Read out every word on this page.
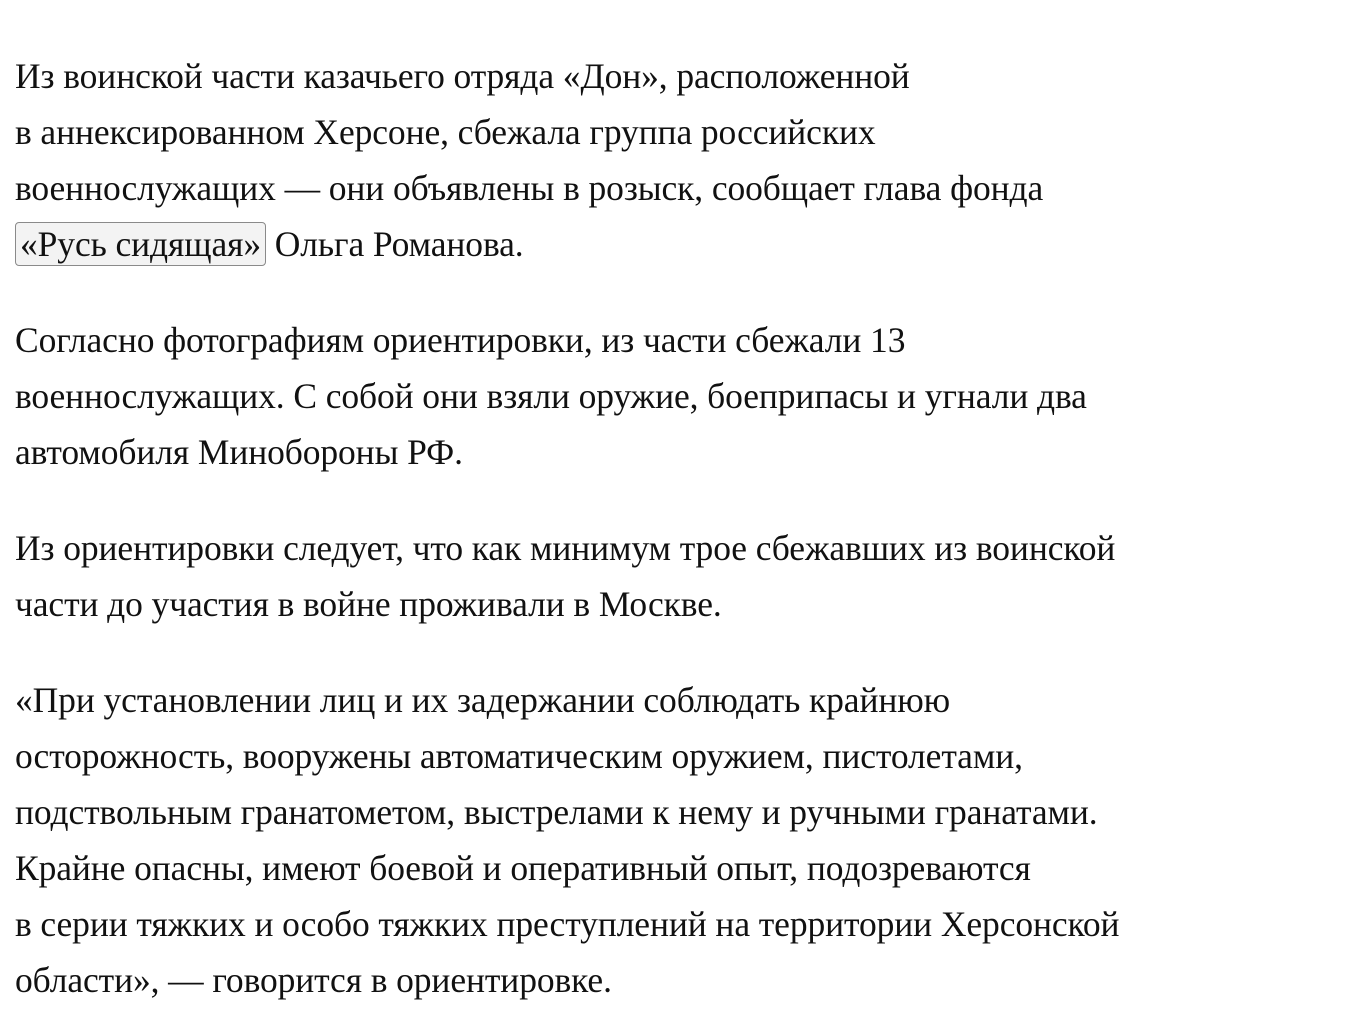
Из воинской части казачьего отряда «Дон», расположенной
в аннексированном Херсоне, сбежала группа российских
военнослужащих — они объявлены в розыск, сообщает глава фонда
«Русь сидящая» Ольга Романова.

Согласно фотографиям ориентировки, из части сбежали 13
военнослужащих. С собой они взяли оружие, боеприпасы и угнали два
автомобиля Минобороны РФ.

Из ориентировки следует, что как минимум трое сбежавших из воинской
части до участия в войне проживали в Москве.

«При установлении лиц и их задержании соблюдать крайнюю
осторожность, вооружены автоматическим оружием, пистолетами,
подствольным гранатометом, выстрелами к нему и ручными гранатами.
Крайне опасны, имеют боевой и оперативный опыт, подозреваются
в серии тяжких и особо тяжких преступлений на территории Херсонской
области», — говорится в ориентировке.
